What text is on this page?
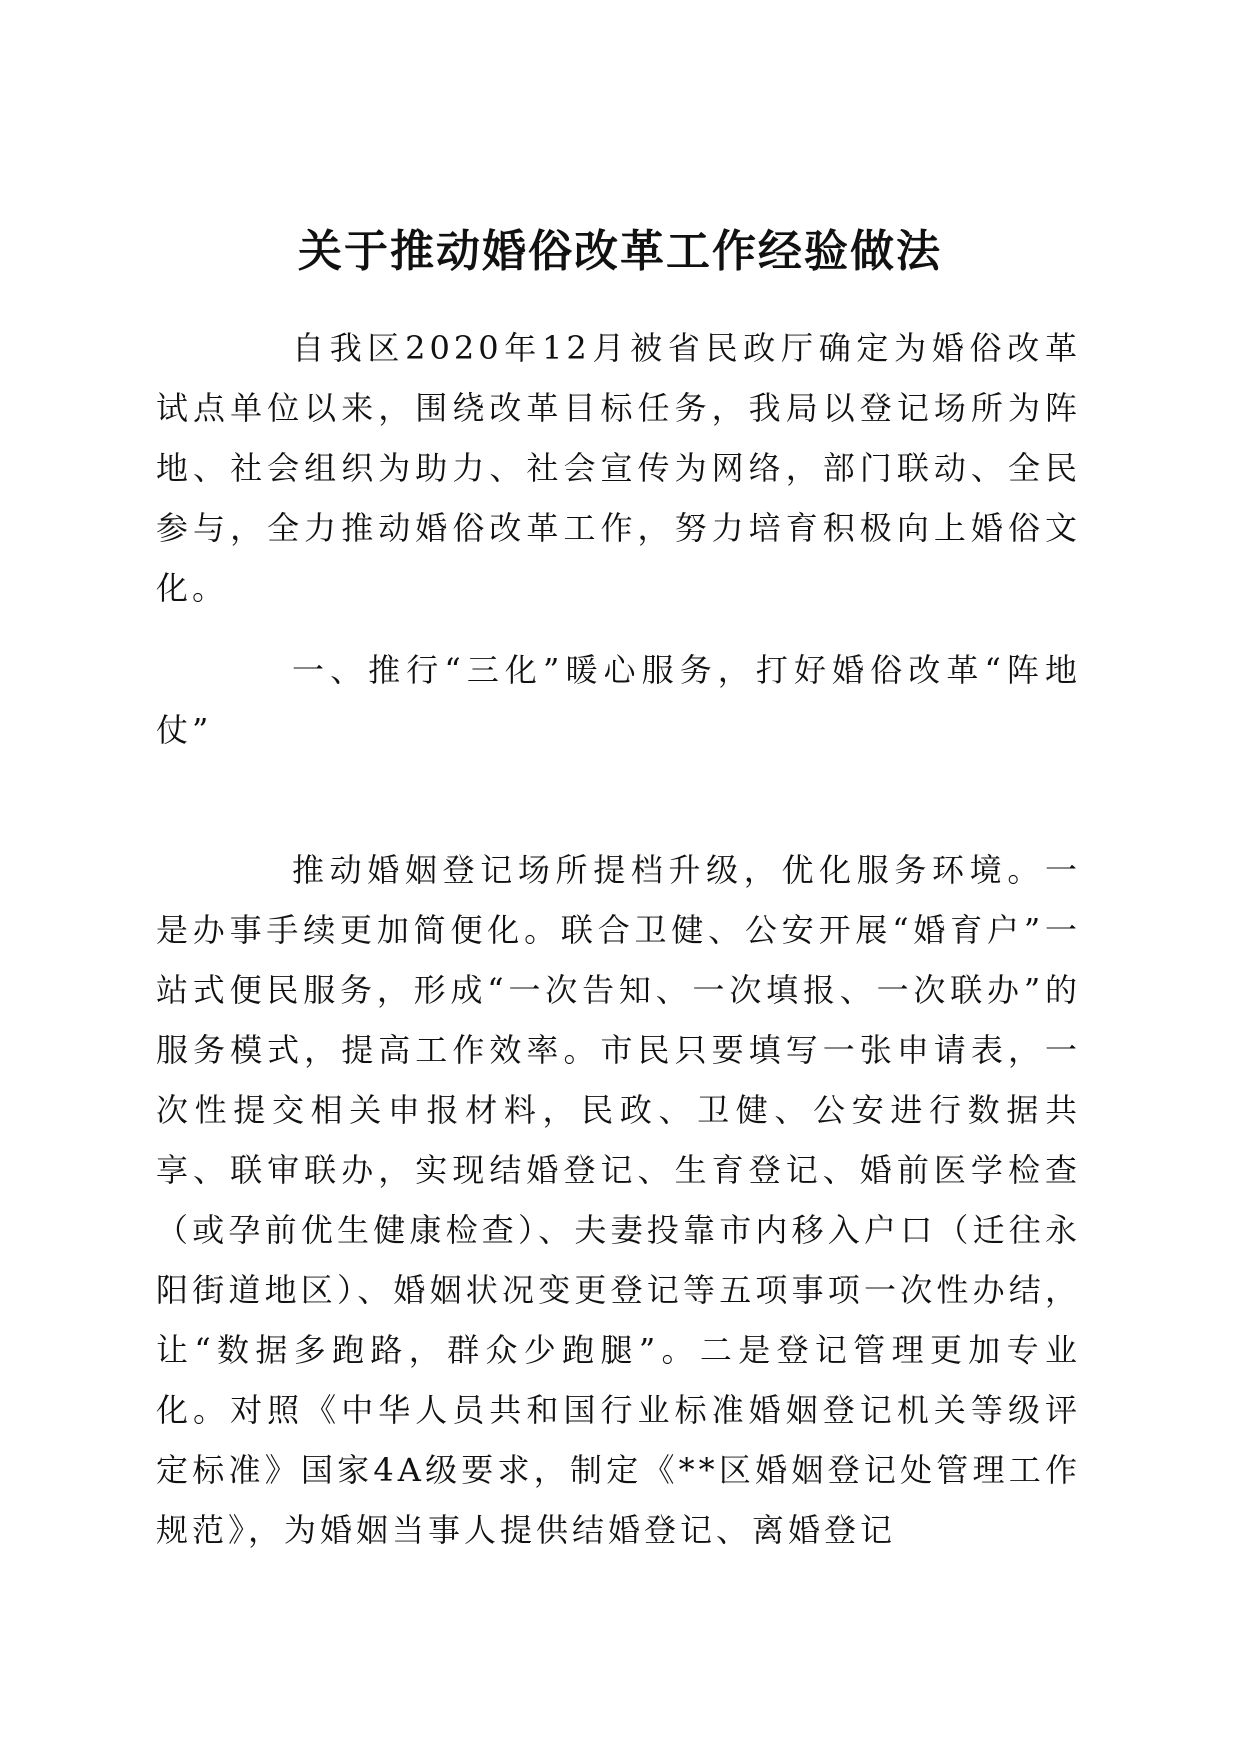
关于推动婚俗改革工作经验做法

自我区2020年12月被省民政厅确定为婚俗改革试点单位以来，围绕改革目标任务，我局以登记场所为阵地、社会组织为助力、社会宣传为网络，部门联动、全民参与，全力推动婚俗改革工作，努力培育积极向上婚俗文化。

一、推行“三化”暖心服务，打好婚俗改革“阵地仗”

推动婚姻登记场所提档升级，优化服务环境。一是办事手续更加简便化。联合卫健、公安开展“婚育户”一站式便民服务，形成“一次告知、一次填报、一次联办”的服务模式，提高工作效率。市民只要填写一张申请表，一次性提交相关申报材料，民政、卫健、公安进行数据共享、联审联办，实现结婚登记、生育登记、婚前医学检查（或孕前优生健康检查）、夫妻投靠市内移入户口（迁往永阳街道地区）、婚姻状况变更登记等五项事项一次性办结，让“数据多跑路，群众少跑腿”。二是登记管理更加专业化。对照《中华人员共和国行业标准婚姻登记机关等级评定标准》国家4A级要求，制定《**区婚姻登记处管理工作规范》，为婚姻当事人提供结婚登记、离婚登记
